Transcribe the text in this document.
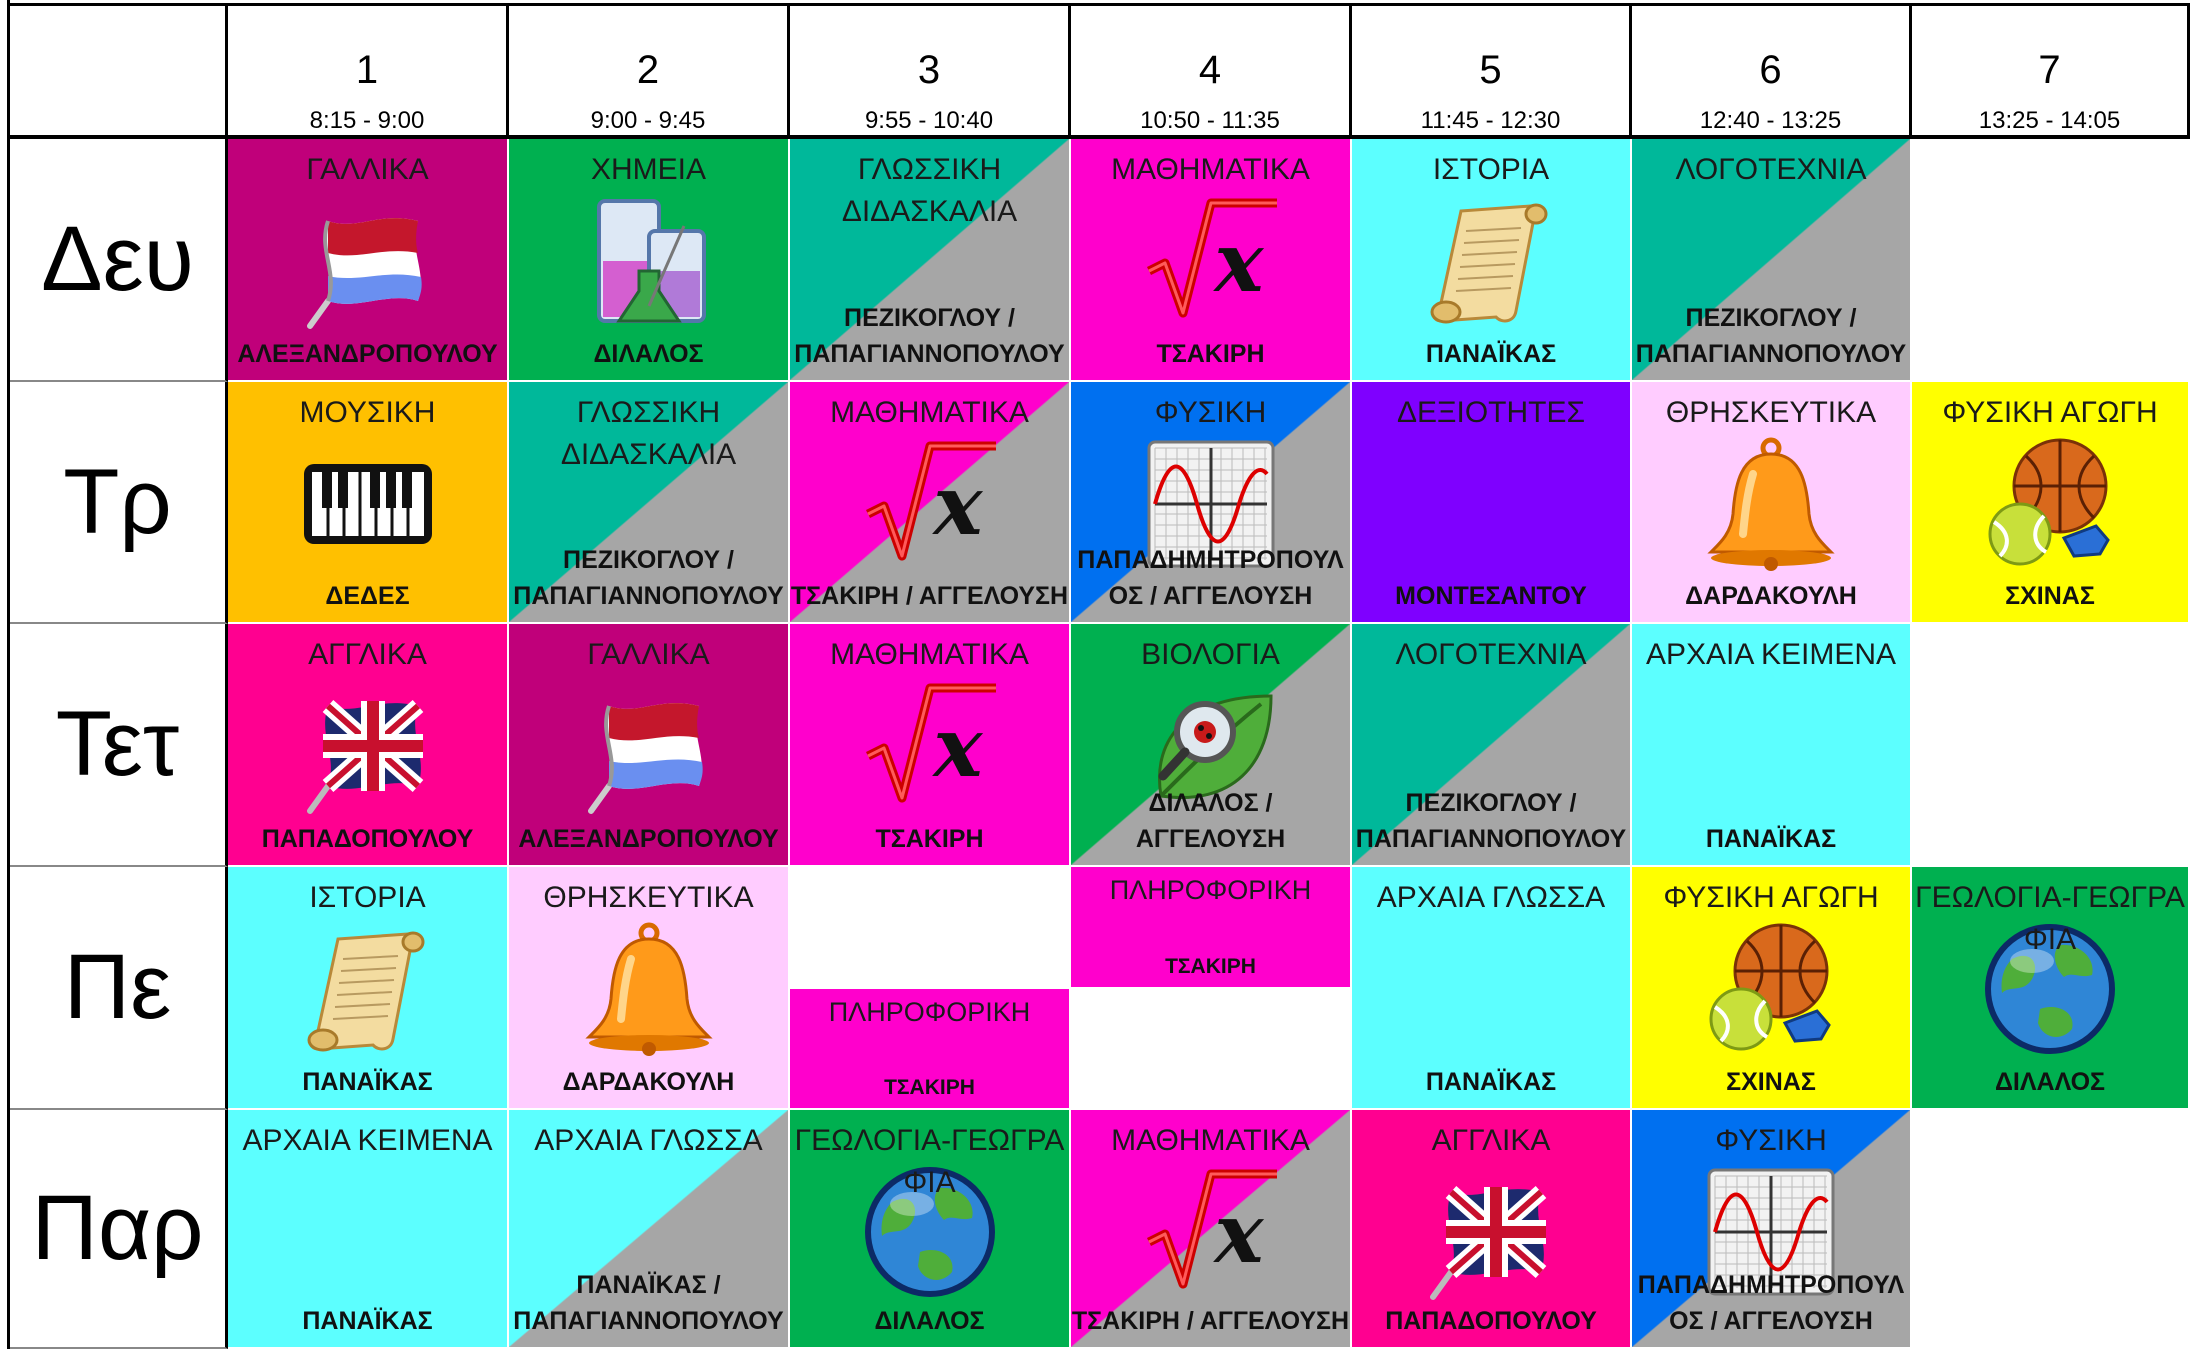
1
8:15 - 9:00
2
9:00 - 9:45
3
9:55 - 10:40
4
10:50 - 11:35
5
11:45 - 12:30
6
12:40 - 13:25
7
13:25 - 14:05
Δευ
ΓΑΛΛΙΚΑ
ΑΛΕΞΑΝΔΡΟΠΟΥΛΟΥ
ΧΗΜΕΙΑ
ΔΙΛΑΛΟΣ
ΓΛΩΣΣΙΚΗ
ΔΙΔΑΣΚΑΛΙΑ
ΠΕΖΙΚΟΓΛΟΥ /
ΠΑΠΑΓΙΑΝΝΟΠΟΥΛΟΥ
x
ΜΑΘΗΜΑΤΙΚΑ
ΤΣΑΚΙΡΗ
ΙΣΤΟΡΙΑ
ΠΑΝΑΪΚΑΣ
ΛΟΓΟΤΕΧΝΙΑ
ΠΕΖΙΚΟΓΛΟΥ /
ΠΑΠΑΓΙΑΝΝΟΠΟΥΛΟΥ
Τρ
ΜΟΥΣΙΚΗ
ΔΕΔΕΣ
ΓΛΩΣΣΙΚΗ
ΔΙΔΑΣΚΑΛΙΑ
ΠΕΖΙΚΟΓΛΟΥ /
ΠΑΠΑΓΙΑΝΝΟΠΟΥΛΟΥ
x
ΜΑΘΗΜΑΤΙΚΑ
ΤΣΑΚΙΡΗ / ΑΓΓΕΛΟΥΣΗ
ΦΥΣΙΚΗ
ΠΑΠΑΔΗΜΗΤΡΟΠΟΥΛ
ΟΣ / ΑΓΓΕΛΟΥΣΗ
ΔΕΞΙΟΤΗΤΕΣ
ΜΟΝΤΕΣΑΝΤΟΥ
ΘΡΗΣΚΕΥΤΙΚΑ
ΔΑΡΔΑΚΟΥΛΗ
ΦΥΣΙΚΗ ΑΓΩΓΗ
ΣΧΙΝΑΣ
Τετ
ΑΓΓΛΙΚΑ
ΠΑΠΑΔΟΠΟΥΛΟΥ
ΓΑΛΛΙΚΑ
ΑΛΕΞΑΝΔΡΟΠΟΥΛΟΥ
x
ΜΑΘΗΜΑΤΙΚΑ
ΤΣΑΚΙΡΗ
ΒΙΟΛΟΓΙΑ
ΔΙΛΑΛΟΣ /
ΑΓΓΕΛΟΥΣΗ
ΛΟΓΟΤΕΧΝΙΑ
ΠΕΖΙΚΟΓΛΟΥ /
ΠΑΠΑΓΙΑΝΝΟΠΟΥΛΟΥ
ΑΡΧΑΙΑ ΚΕΙΜΕΝΑ
ΠΑΝΑΪΚΑΣ
Πε
ΙΣΤΟΡΙΑ
ΠΑΝΑΪΚΑΣ
ΘΡΗΣΚΕΥΤΙΚΑ
ΔΑΡΔΑΚΟΥΛΗ
ΠΛΗΡΟΦΟΡΙΚΗ
ΤΣΑΚΙΡΗ
ΠΛΗΡΟΦΟΡΙΚΗ
ΤΣΑΚΙΡΗ
ΑΡΧΑΙΑ ΓΛΩΣΣΑ
ΠΑΝΑΪΚΑΣ
ΦΥΣΙΚΗ ΑΓΩΓΗ
ΣΧΙΝΑΣ
ΓΕΩΛΟΓΙΑ-ΓΕΩΓΡΑ
ΦΙΑ
ΔΙΛΑΛΟΣ
Παρ
ΑΡΧΑΙΑ ΚΕΙΜΕΝΑ
ΠΑΝΑΪΚΑΣ
ΑΡΧΑΙΑ ΓΛΩΣΣΑ
ΠΑΝΑΪΚΑΣ /
ΠΑΠΑΓΙΑΝΝΟΠΟΥΛΟΥ
ΓΕΩΛΟΓΙΑ-ΓΕΩΓΡΑ
ΦΙΑ
ΔΙΛΑΛΟΣ
x
ΜΑΘΗΜΑΤΙΚΑ
ΤΣΑΚΙΡΗ / ΑΓΓΕΛΟΥΣΗ
ΑΓΓΛΙΚΑ
ΠΑΠΑΔΟΠΟΥΛΟΥ
ΦΥΣΙΚΗ
ΠΑΠΑΔΗΜΗΤΡΟΠΟΥΛ
ΟΣ / ΑΓΓΕΛΟΥΣΗ
